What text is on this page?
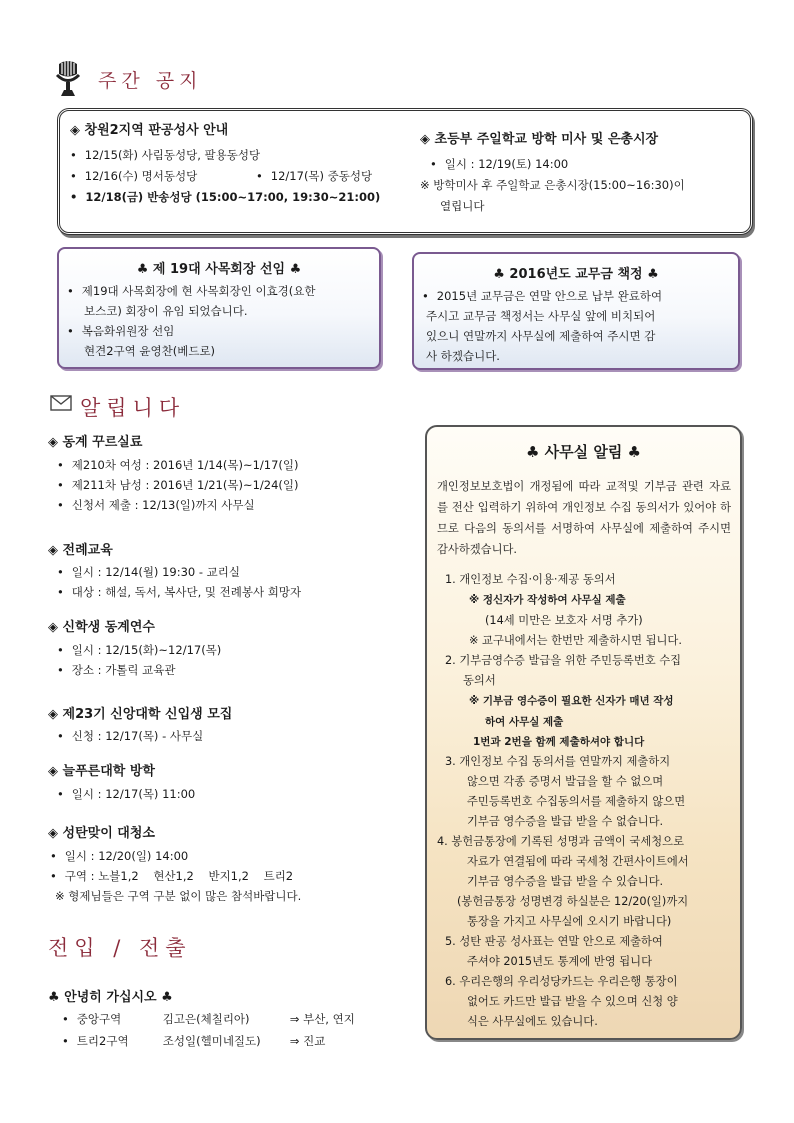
주간 공지
◈ 창원2지역 판공성사 안내
• 12/15(화) 사림동성당, 팔용동성당
• 12/16(수) 명서동성당	• 12/17(목) 중동성당
• 12/18(금) 반송성당 (15:00~17:00, 19:30~21:00)
◈ 초등부 주일학교 방학 미사 및 은총시장
• 일시 : 12/19(토) 14:00
※ 방학미사 후 주일학교 은총시장(15:00~16:30)이
열립니다
♣ 제 19대 사목회장 선임 ♣
• 제19대 사목회장에 현 사목회장인 이효경(요한
보스코) 회장이 유임 되었습니다.
• 복음화위원장 선임
현견2구역 윤영찬(베드로)
♣ 2016년도 교무금 책정 ♣
• 2015년 교무금은 연말 안으로 납부 완료하여
주시고 교무금 책정서는 사무실 앞에 비치되어
있으니 연말까지 사무실에 제출하여 주시면 감
사 하겠습니다.
알립니다
◈ 동계 꾸르실료
• 제210차 여성 : 2016년 1/14(목)~1/17(일)
• 제211차 남성 : 2016년 1/21(목)~1/24(일)
• 신청서 제출 : 12/13(일)까지 사무실
◈ 전례교육
• 일시 : 12/14(월) 19:30 - 교리실
• 대상 : 해설, 독서, 복사단, 및 전례봉사 희망자
◈ 신학생 동계연수
• 일시 : 12/15(화)~12/17(목)
• 장소 : 가톨릭 교육관
◈ 제23기 신앙대학 신입생 모집
• 신청 : 12/17(목) - 사무실
◈ 늘푸른대학 방학
• 일시 : 12/17(목) 11:00
◈ 성탄맞이 대청소
• 일시 : 12/20(일) 14:00
• 구역 : 노블1,2    현산1,2    반지1,2    트리2
※ 형제님들은 구역 구분 없이 많은 참석바랍니다.
전입 / 전출
♣ 안녕히 가십시오 ♣
• 중앙구역	김고은(체칠리아)	⇒ 부산, 연지
• 트리2구역	조성일(헬미네질도)	⇒ 진교
♣ 사무실 알림 ♣
개인정보보호법이 개정됨에 따라 교적및 기부금 관련 자료를 전산 입력하기 위하여 개인정보 수집 동의서가 있어야 하므로 다음의 동의서를 서명하여 사무실에 제출하여 주시면 감사하겠습니다.
1. 개인정보 수집·이용·제공 동의서
※ 정신자가 작성하여 사무실 제출
(14세 미만은 보호자 서명 추가)
※ 교구내에서는 한번만 제출하시면 됩니다.
2. 기부금영수증 발급을 위한 주민등록번호 수집
동의서
※ 기부금 영수증이 필요한 신자가 매년 작성
하여 사무실 제출
1번과 2번을 함께 제출하셔야 합니다
3. 개인정보 수집 동의서를 연말까지 제출하지
않으면 각종 증명서 발급을 할 수 없으며
주민등록번호 수집동의서를 제출하지 않으면
기부금 영수증을 발급 받을 수 없습니다.
4. 봉헌금통장에 기록된 성명과 금액이 국세청으로
자료가 연결됨에 따라 국세청 간편사이트에서
기부금 영수증을 발급 받을 수 있습니다.
(봉헌금통장 성명변경 하실분은 12/20(일)까지
통장을 가지고 사무실에 오시기 바랍니다)
5. 성탄 판공 성사표는 연말 안으로 제출하여
주셔야 2015년도 통계에 반영 됩니다
6. 우리은행의 우리성당카드는 우리은행 통장이
없어도 카드만 발급 받을 수 있으며 신청 양
식은 사무실에도 있습니다.
